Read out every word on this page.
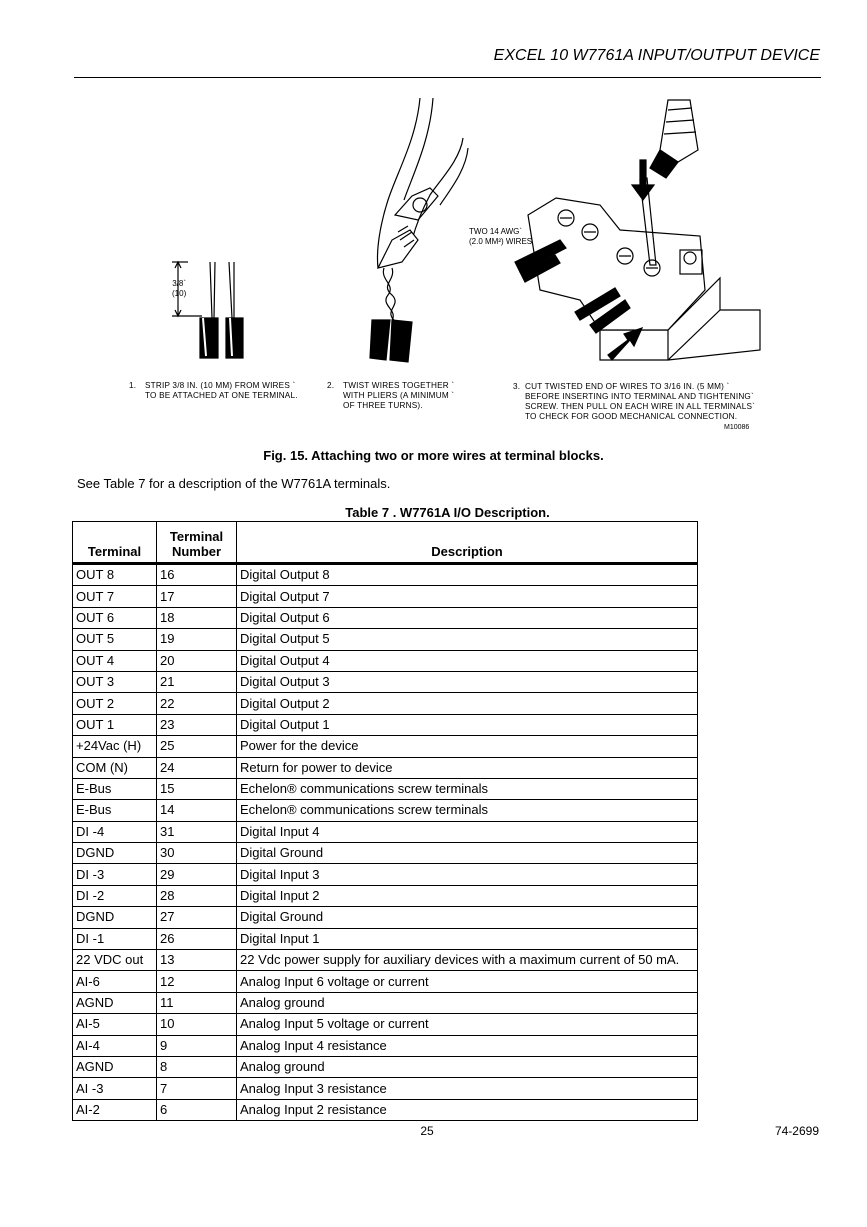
EXCEL 10 W7761A INPUT/OUTPUT DEVICE
3/8`
(10)
TWO 14 AWG`
(2.0 MM²) WIRES
1. STRIP 3/8 IN. (10 MM) FROM WIRES `
TO BE ATTACHED AT ONE TERMINAL.
2. TWIST WIRES TOGETHER `
WITH PLIERS (A MINIMUM `
OF THREE TURNS).
3. CUT TWISTED END OF WIRES TO 3/16 IN. (5 MM) `
BEFORE INSERTING INTO TERMINAL AND TIGHTENING`
SCREW. THEN PULL ON EACH WIRE IN ALL TERMINALS`
TO CHECK FOR GOOD MECHANICAL CONNECTION.
M10086
Fig. 15. Attaching two or more wires at terminal blocks.
See Table 7 for a description of the W7761A terminals.
Table 7 . W7761A I/O Description.
Terminal	Terminal Number	Description
OUT 8	16	Digital Output 8
OUT 7	17	Digital Output 7
OUT 6	18	Digital Output 6
OUT 5	19	Digital Output 5
OUT 4	20	Digital Output 4
OUT 3	21	Digital Output 3
OUT 2	22	Digital Output 2
OUT 1	23	Digital Output 1
+24Vac (H)	25	Power for the device
COM (N)	24	Return for power to device
E-Bus	15	Echelon® communications screw terminals
E-Bus	14	Echelon® communications screw terminals
DI -4	31	Digital Input 4
DGND	30	Digital Ground
DI -3	29	Digital Input 3
DI -2	28	Digital Input 2
DGND	27	Digital Ground
DI -1	26	Digital Input 1
22 VDC out	13	22 Vdc power supply for auxiliary devices with a maximum current of 50 mA.
AI-6	12	Analog Input 6 voltage or current
AGND	11	Analog ground
AI-5	10	Analog Input 5 voltage or current
AI-4	9	Analog Input 4 resistance
AGND	8	Analog ground
AI -3	7	Analog Input 3 resistance
AI-2	6	Analog Input 2 resistance
25	74-2699
